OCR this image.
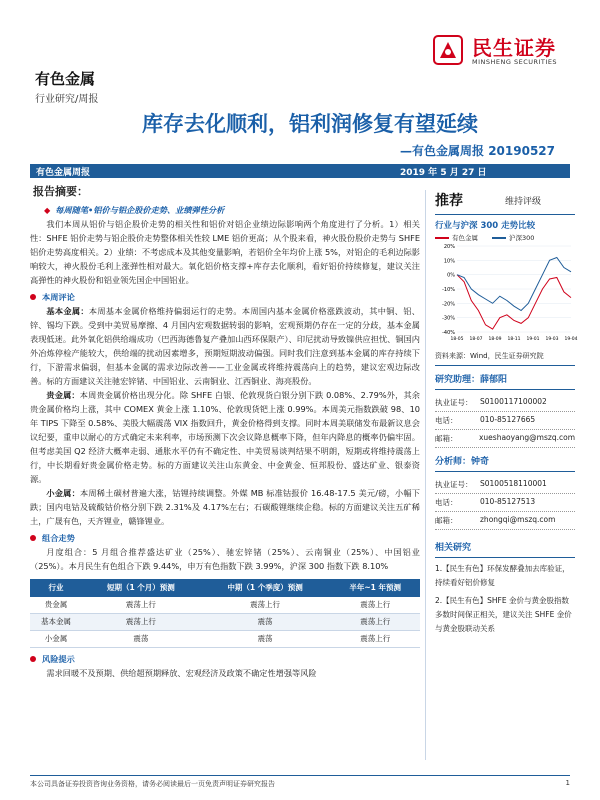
民生证券
MINSHENG SECURITIES
有色金属
行业研究/周报
库存去化顺利，铝利润修复有望延续
—有色金属周报 20190527
有色金属周报	2019 年 5 月 27 日
报告摘要：
◆ 每周随笔•铝价与铝企股价走势、业绩弹性分析
我们本周从铝价与铝企股价走势的相关性和铝价对铝企业绩边际影响两个角度进行了分析。1）相关性：SHFE 铝价走势与铝企股价走势整体相关性较 LME 铝价更高；从个股来看，神火股份股价走势与 SHFE 铝价走势高度相关。2）业绩：不考虑成本及其他变量影响，若铝价全年均价上涨 5%，对铝企的毛利边际影响较大，神火股份毛利上涨弹性相对最大。氧化铝价格支撑+库存去化顺利，看好铝价持续修复，建议关注高弹性的神火股份和铝业领先国企中国铝业。
本周评论
基本金属：本周基本金属价格维持偏弱运行的走势。本周国内基本金属价格涨跌波动，其中铜、铝、锌、锡均下跌。受到中美贸易摩擦、4 月国内宏观数据转弱的影响，宏观预期仍存在一定的分歧，基本金属表现低迷。此外氧化铝供给端成功（巴西海德鲁复产叠加山西环保限产）、印尼扰动导致镍供应担忧、铜国内外冶炼停检产能较大，供给端的扰动因素增多，预期短期波动偏强。同时我们注意到基本金属的库存持续下行，下游需求偏弱，但基本金属的需求边际改善——工业金属或将维持震荡向上的趋势，建议宏观边际改善。标的方面建议关注驰宏锌锗、中国铝业、云南铜业、江西铜业、海亮股份。
贵金属：本周贵金属价格出现分化。除 SHFE 白银、伦敦现货白银分别下跌 0.08%、2.79%外，其余贵金属价格均上涨，其中 COMEX 黄金上涨 1.10%、伦敦现货钯上涨 0.99%。本周美元指数跌破 98、10 年 TIPS 下降至 0.58%、美股大幅震荡 VIX 指数回升，黄金价格得到支撑。同时本周美联储发布最新议息会议纪要，重申以耐心的方式确定未来利率，市场预测下次会议降息概率下降，但年内降息的概率仍偏牢固。但考虑美国 Q2 经济大概率走弱、通胀水平仍有不确定性、中美贸易谈判结果不明朗，短期或将维持震荡上行，中长期看好贵金属价格走势。标的方面建议关注山东黄金、中金黄金、恒邦股份、盛达矿业、银泰资源。
小金属：本周稀土碳材普遍大涨，钴锂持续调整。外媒 MB 标准钴报价 16.48-17.5 美元/磅，小幅下跌；国内电钴及硫酸钴价格分别下跌 2.31%及 4.17%左右；石碳酸锂继续企稳。标的方面建议关注五矿稀土，广晟有色，天齐锂业，赣锋锂业。
组合走势
月度组合：5 月组合推荐盛达矿业（25%）、驰宏锌锗（25%）、云南铜业（25%）、中国铝业（25%）。本月民生有色组合下跌 9.44%，申万有色指数下跌 3.99%，沪深 300 指数下跌 8.10%
行业	短期（1 个月）预测	中期（1 个季度）预测	半年~1 年预测
贵金属	震荡上行	震荡上行	震荡上行
基本金属	震荡上行	震荡	震荡上行
小金属	震荡	震荡	震荡上行
风险提示
需求回暖不及预期、供给超预期释放、宏观经济及政策不确定性增强等风险
推荐	维持评级
行业与沪深 300 走势比较
有色金属	沪深300
20%
10%
0%
-10%
-20%
-30%
-40%
18-05 18-07 18-09 18-11 19-01 19-03 19-04
资料来源：Wind，民生证券研究院
研究助理：薛郁阳
执业证号：	S0100117100002
电话：	010-85127665
邮箱：	xueshaoyang@mszq.com
分析师：钟奇
执业证号：	S0100518110001
电话：	010-85127513
邮箱：	zhongqi@mszq.com
相关研究
1.【民生有色】环保发酵叠加去库验证，持续看好铝价修复
2.【民生有色】SHFE 金价与黄金股指数多数时间保正相关，建议关注 SHFE 金价与黄金股联动关系
本公司具备证券投资咨询业务资格，请务必阅读最后一页免责声明证券研究报告	1
